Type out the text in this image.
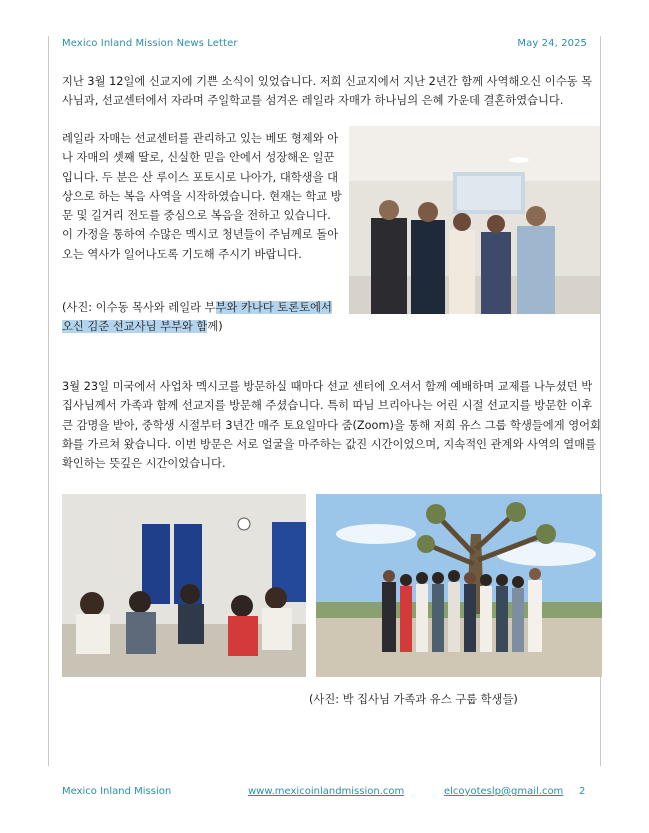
Mexico Inland Mission News Letter	May 24, 2025
지난 3월 12일에 신교지에 기쁜 소식이 있었습니다. 저희 신교지에서 지난 2년간 함께 사역해오신 이수동 목사님과, 선교센터에서 자라며 주일학교를 섬겨온 레일라 자매가 하나님의 은혜 가운데 결혼하였습니다.
레일라 자매는 선교센터를 관리하고 있는 베또 형제와 아나 자매의 셋째 딸로, 신실한 믿음 안에서 성장해온 일꾼입니다. 두 분은 산 루이스 포토시로 나아가, 대학생을 대상으로 하는 복음 사역을 시작하였습니다. 현재는 학교 방문 및 길거리 전도를 중심으로 복음을 전하고 있습니다. 이 가정을 통하여 수많은 멕시코 청년들이 주님께로 돌아오는 역사가 일어나도록 기도해 주시기 바랍니다.
(사진: 이수동 목사와 레일라 부부와 카나다 토론토에서 오신 김준 선교사님 부부와 함께)
3월 23일 미국에서 사업차 멕시코를 방문하실 때마다 선교 센터에 오셔서 함께 예배하며 교제를 나누셨던 박 집사님께서 가족과 함께 선교지를 방문해 주셨습니다. 특히 따님 브리아나는 어린 시절 선교지를 방문한 이후 큰 감명을 받아, 중학생 시절부터 3년간 매주 토요일마다 줌(Zoom)을 통해 저희 유스 그룹 학생들에게 영어회화를 가르쳐 왔습니다. 이번 방문은 서로 얼굴을 마주하는 값진 시간이었으며, 지속적인 관계와 사역의 열매를 확인하는 뜻깊은 시간이었습니다.
(사진: 박 집사님 가족과 유스 구룹 학생들)
Mexico Inland Mission	www.mexicoinlandmission.com	elcoyoteslp@gmail.com 2
